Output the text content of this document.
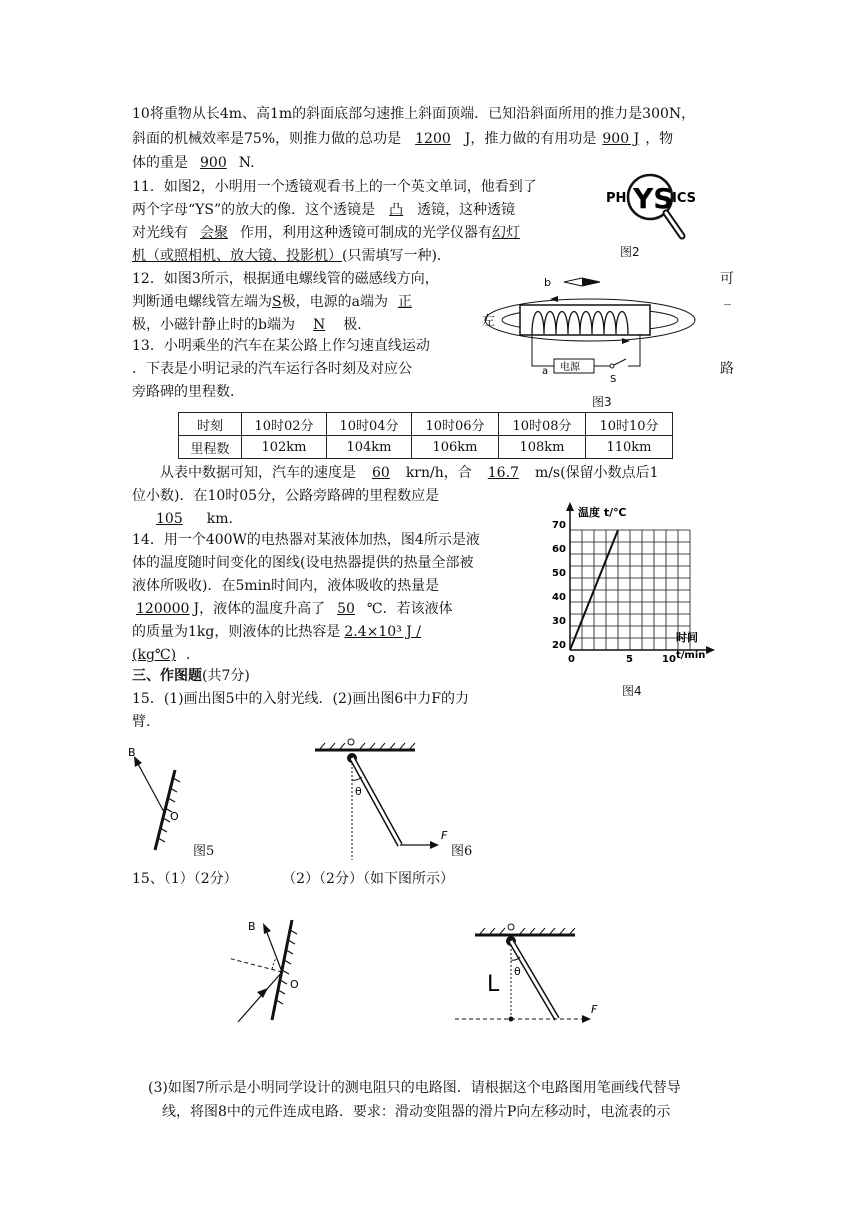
10将重物从长4m、高1m的斜面底部匀速推上斜面顶端．已知沿斜面所用的推力是300N，
斜面的机械效率是75%，则推力做的总功是 1200 J，推力做的有用功是 900 J ，物
体的重是 900 N.
11．如图2，小明用一个透镜观看书上的一个英文单词，他看到了
两个字母“YS”的放大的像．这个透镜是 凸 透镜，这种透镜
对光线有 会聚 作用，利用这种透镜可制成的光学仪器有幻灯
机（或照相机、放大镜、投影机）(只需填写一种)．
PH YS
ICS
图2
12．如图3所示，根据通电螺线管的磁感线方向，	可
判断通电螺线管左端为S极，电源的a端为 正	_
极，小磁针静止时的b端为 N 极．
b
电源
a
S
左
图3
13．小明乘坐的汽车在某公路上作匀速直线运动
．下表是小明记录的汽车运行各时刻及对应公	路
旁路碑的里程数.
时刻	10时02分	10时04分	10时06分	10时08分	10时10分
里程数	102km	104km	106km	108km	110km
从表中数据可知，汽车的速度是 60 krn/h，合 16.7 m/s(保留小数点后1
位小数)．在10时05分，公路旁路碑的里程数应是
105 km.
14．用一个400W的电热器对某液体加热，图4所示是液
体的温度随时间变化的图线(设电热器提供的热量全部被
液体所吸收)．在5min时间内，液体吸收的热量是
120000 J，液体的温度升高了 50 ℃．若该液体
的质量为1kg，则液体的比热容是 2.4×10³ J /
(kg℃) ．
温度 t/℃
时间
t/min
70
60
50
40
30
20
0	5	10
图4
三、作图题(共7分)
15．(1)画出图5中的入射光线．(2)画出图6中力F的力
臂.
B
O
图5
θ
F
图6
15、（1）（2分）          （2）（2分）（如下图所示）
B
O
θ
L
F
(3)如图7所示是小明同学设计的测电阻只的电路图．请根据这个电路图用笔画线代替导
线，将图8中的元件连成电路．要求：滑动变阻器的滑片P向左移动时，电流表的示
